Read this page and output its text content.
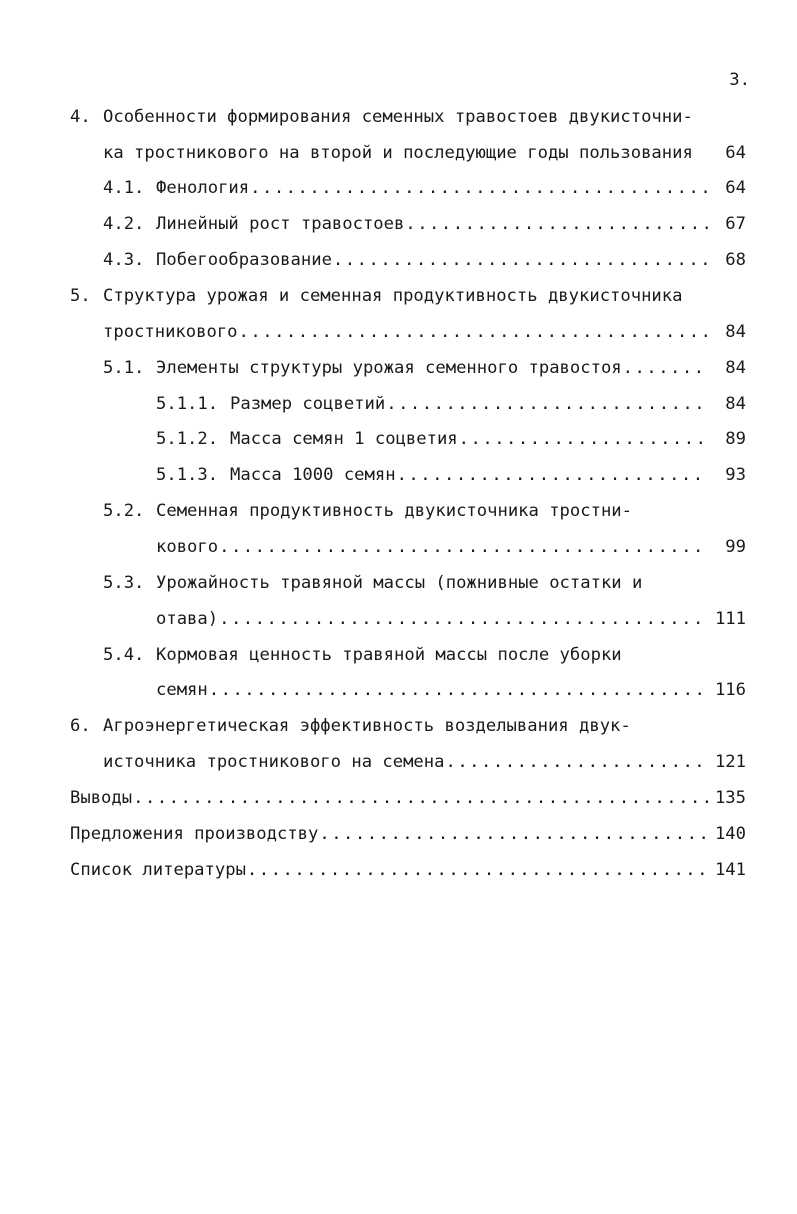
3.
4. Особенности формирования семенных травостоев двукисточни-
ка тростникового на второй и последующие годы пользования	64
4.1. Фенология .....	64
4.2. Линейный рост травостоев .....	67
4.3. Побегообразование .....	68
5. Структура урожая и семенная продуктивность двукисточника
тростникового .....	84
5.1. Элементы структуры урожая семенного травостоя .....	84
5.1.1. Размер соцветий .....	84
5.1.2. Масса семян 1 соцветия .....	89
5.1.3. Масса 1000 семян .....	93
5.2. Семенная продуктивность двукисточника тростни-
кового .....	99
5.3. Урожайность травяной массы (пожнивные остатки и
отава) .....	111
5.4. Кормовая ценность травяной массы после уборки
семян .....	116
6. Агроэнергетическая эффективность возделывания двук-
источника тростникового на семена .....	121
Выводы .....	135
Предложения производству .....	140
Список литературы .....	141
